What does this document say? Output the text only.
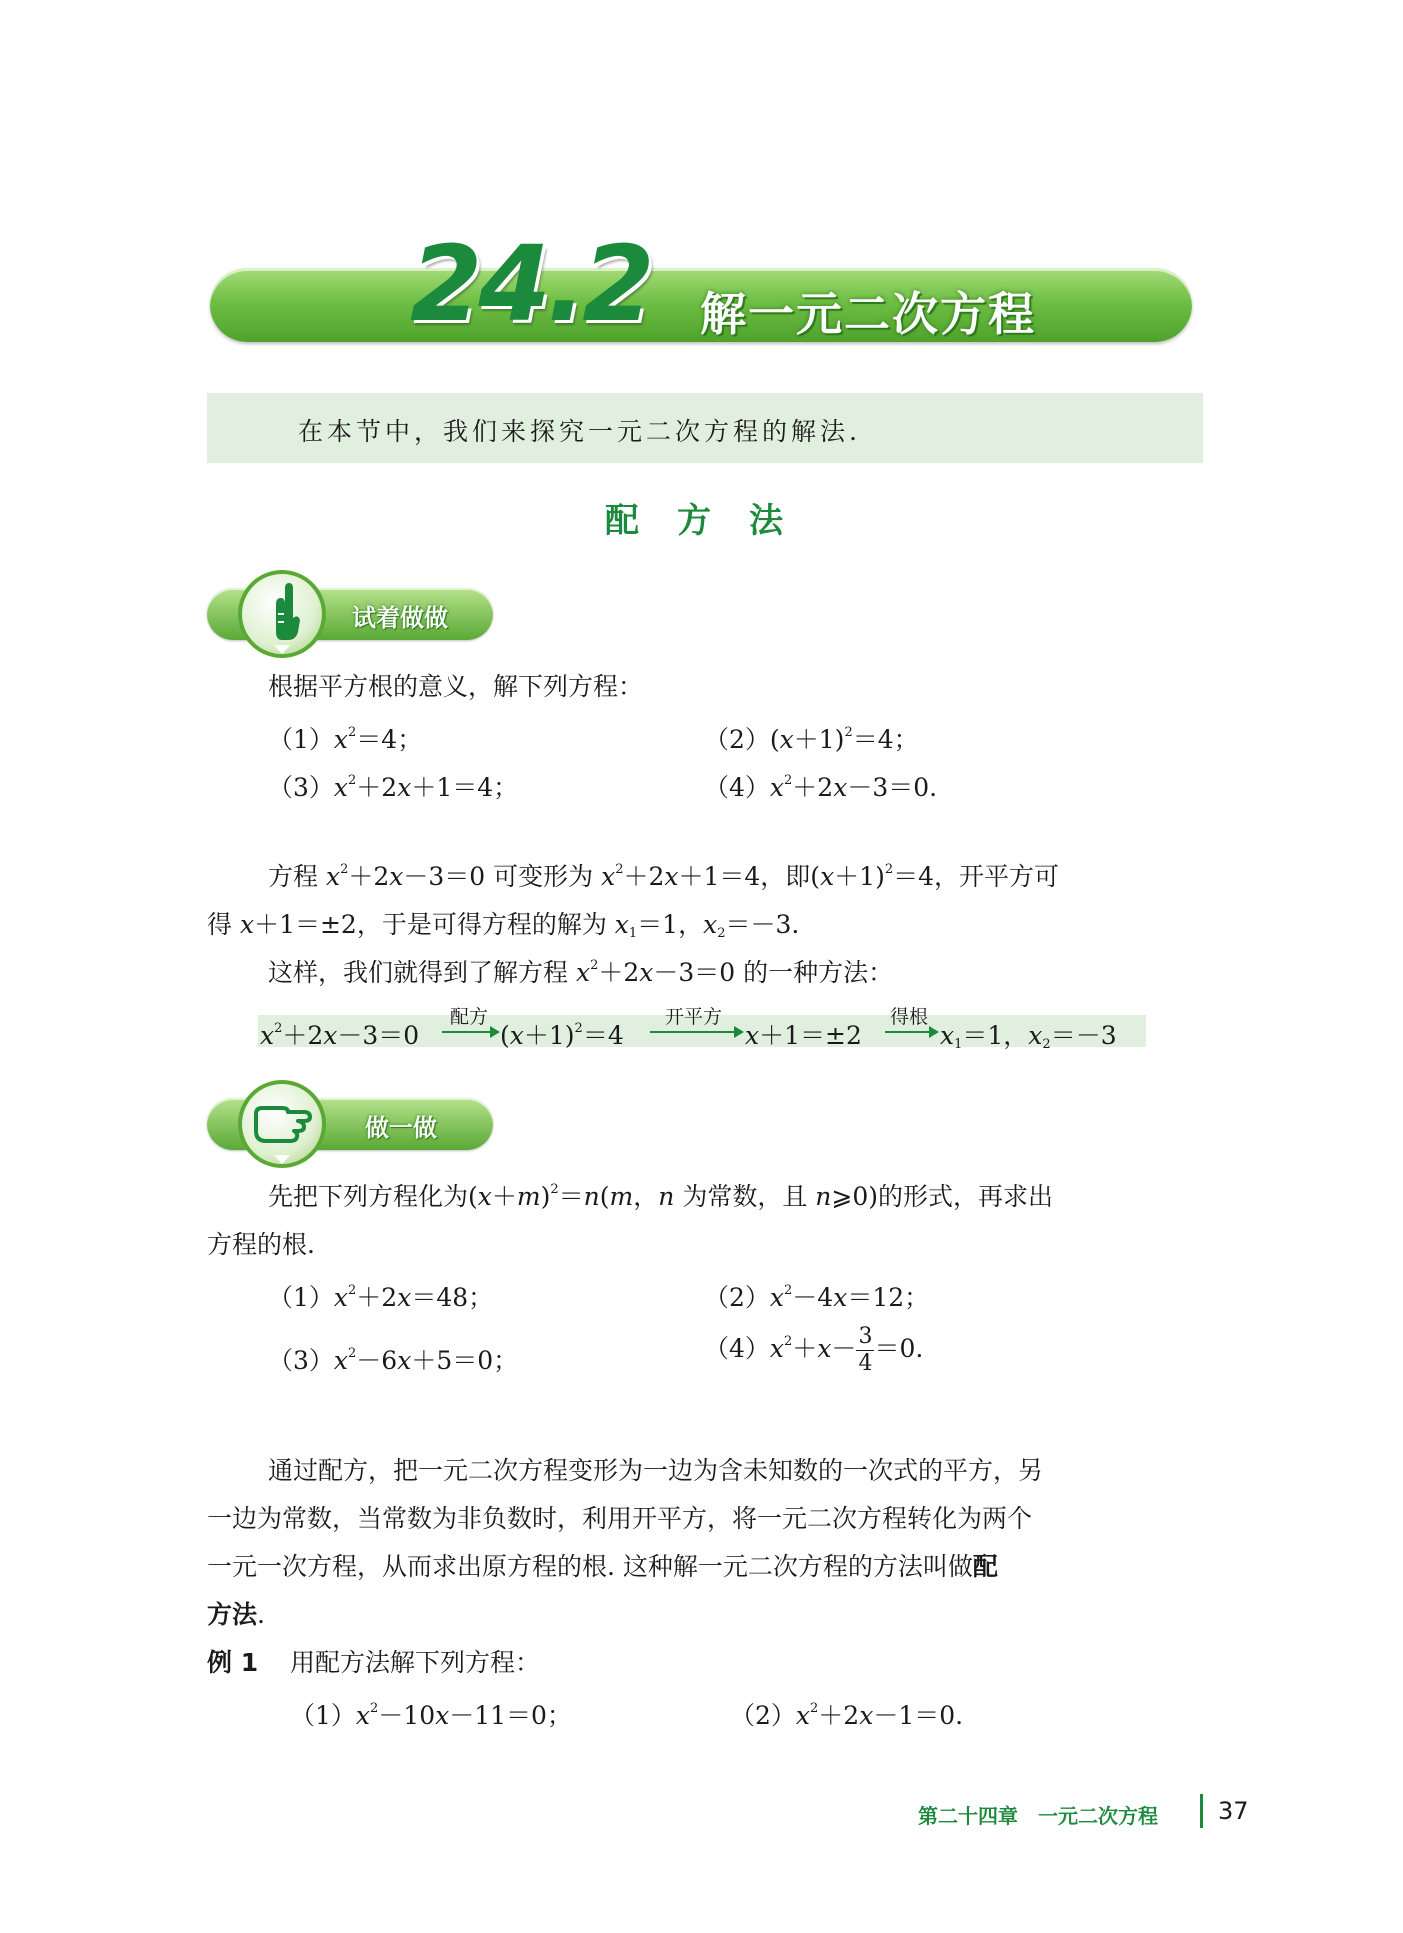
24.2 解一元二次方程
在本节中，我们来探究一元二次方程的解法.
配方法
试着做做
根据平方根的意义，解下列方程：
$(1)x^2=4$；	$(2)(x+1)^2=4$；
$(3)x^2+2x+1=4$；	$(4)x^2+2x-3=0$.
方程 $x^2+2x-3=0$ 可变形为 $x^2+2x+1=4$，即$(x+1)^2=4$，开平方可
得 x＋1＝±2，于是可得方程的解为 $x_1=1$，$x_2=-3$.
这样，我们就得到了解方程 $x^2+2x-3=0$ 的一种方法：
$x^2+2x-3=0$
配方
$(x+1)^2=4$
开平方
x＋1＝±2
得根
$x_1=1$，$x_2=-3$
做一做
先把下列方程化为$(x+m)^2=n(m$，n 为常数，且 n⩾0)的形式，再求出
方程的根.
$(1)x^2+2x=48$；	$(2)x^2-4x=12$；
$(3)x^2-6x+5=0$；	$(4)x^2+x- \frac{3}{4} =0$.
通过配方，把一元二次方程变形为一边为含未知数的一次式的平方，另
一边为常数，当常数为非负数时，利用开平方，将一元二次方程转化为两个
一元一次方程，从而求出原方程的根. 这种解一元二次方程的方法叫做配
方法.
例 1 用配方法解下列方程：
$(1)x^2-10x-11=0$；	$(2)x^2+2x-1=0$.
第二十四章　一元二次方程	37
